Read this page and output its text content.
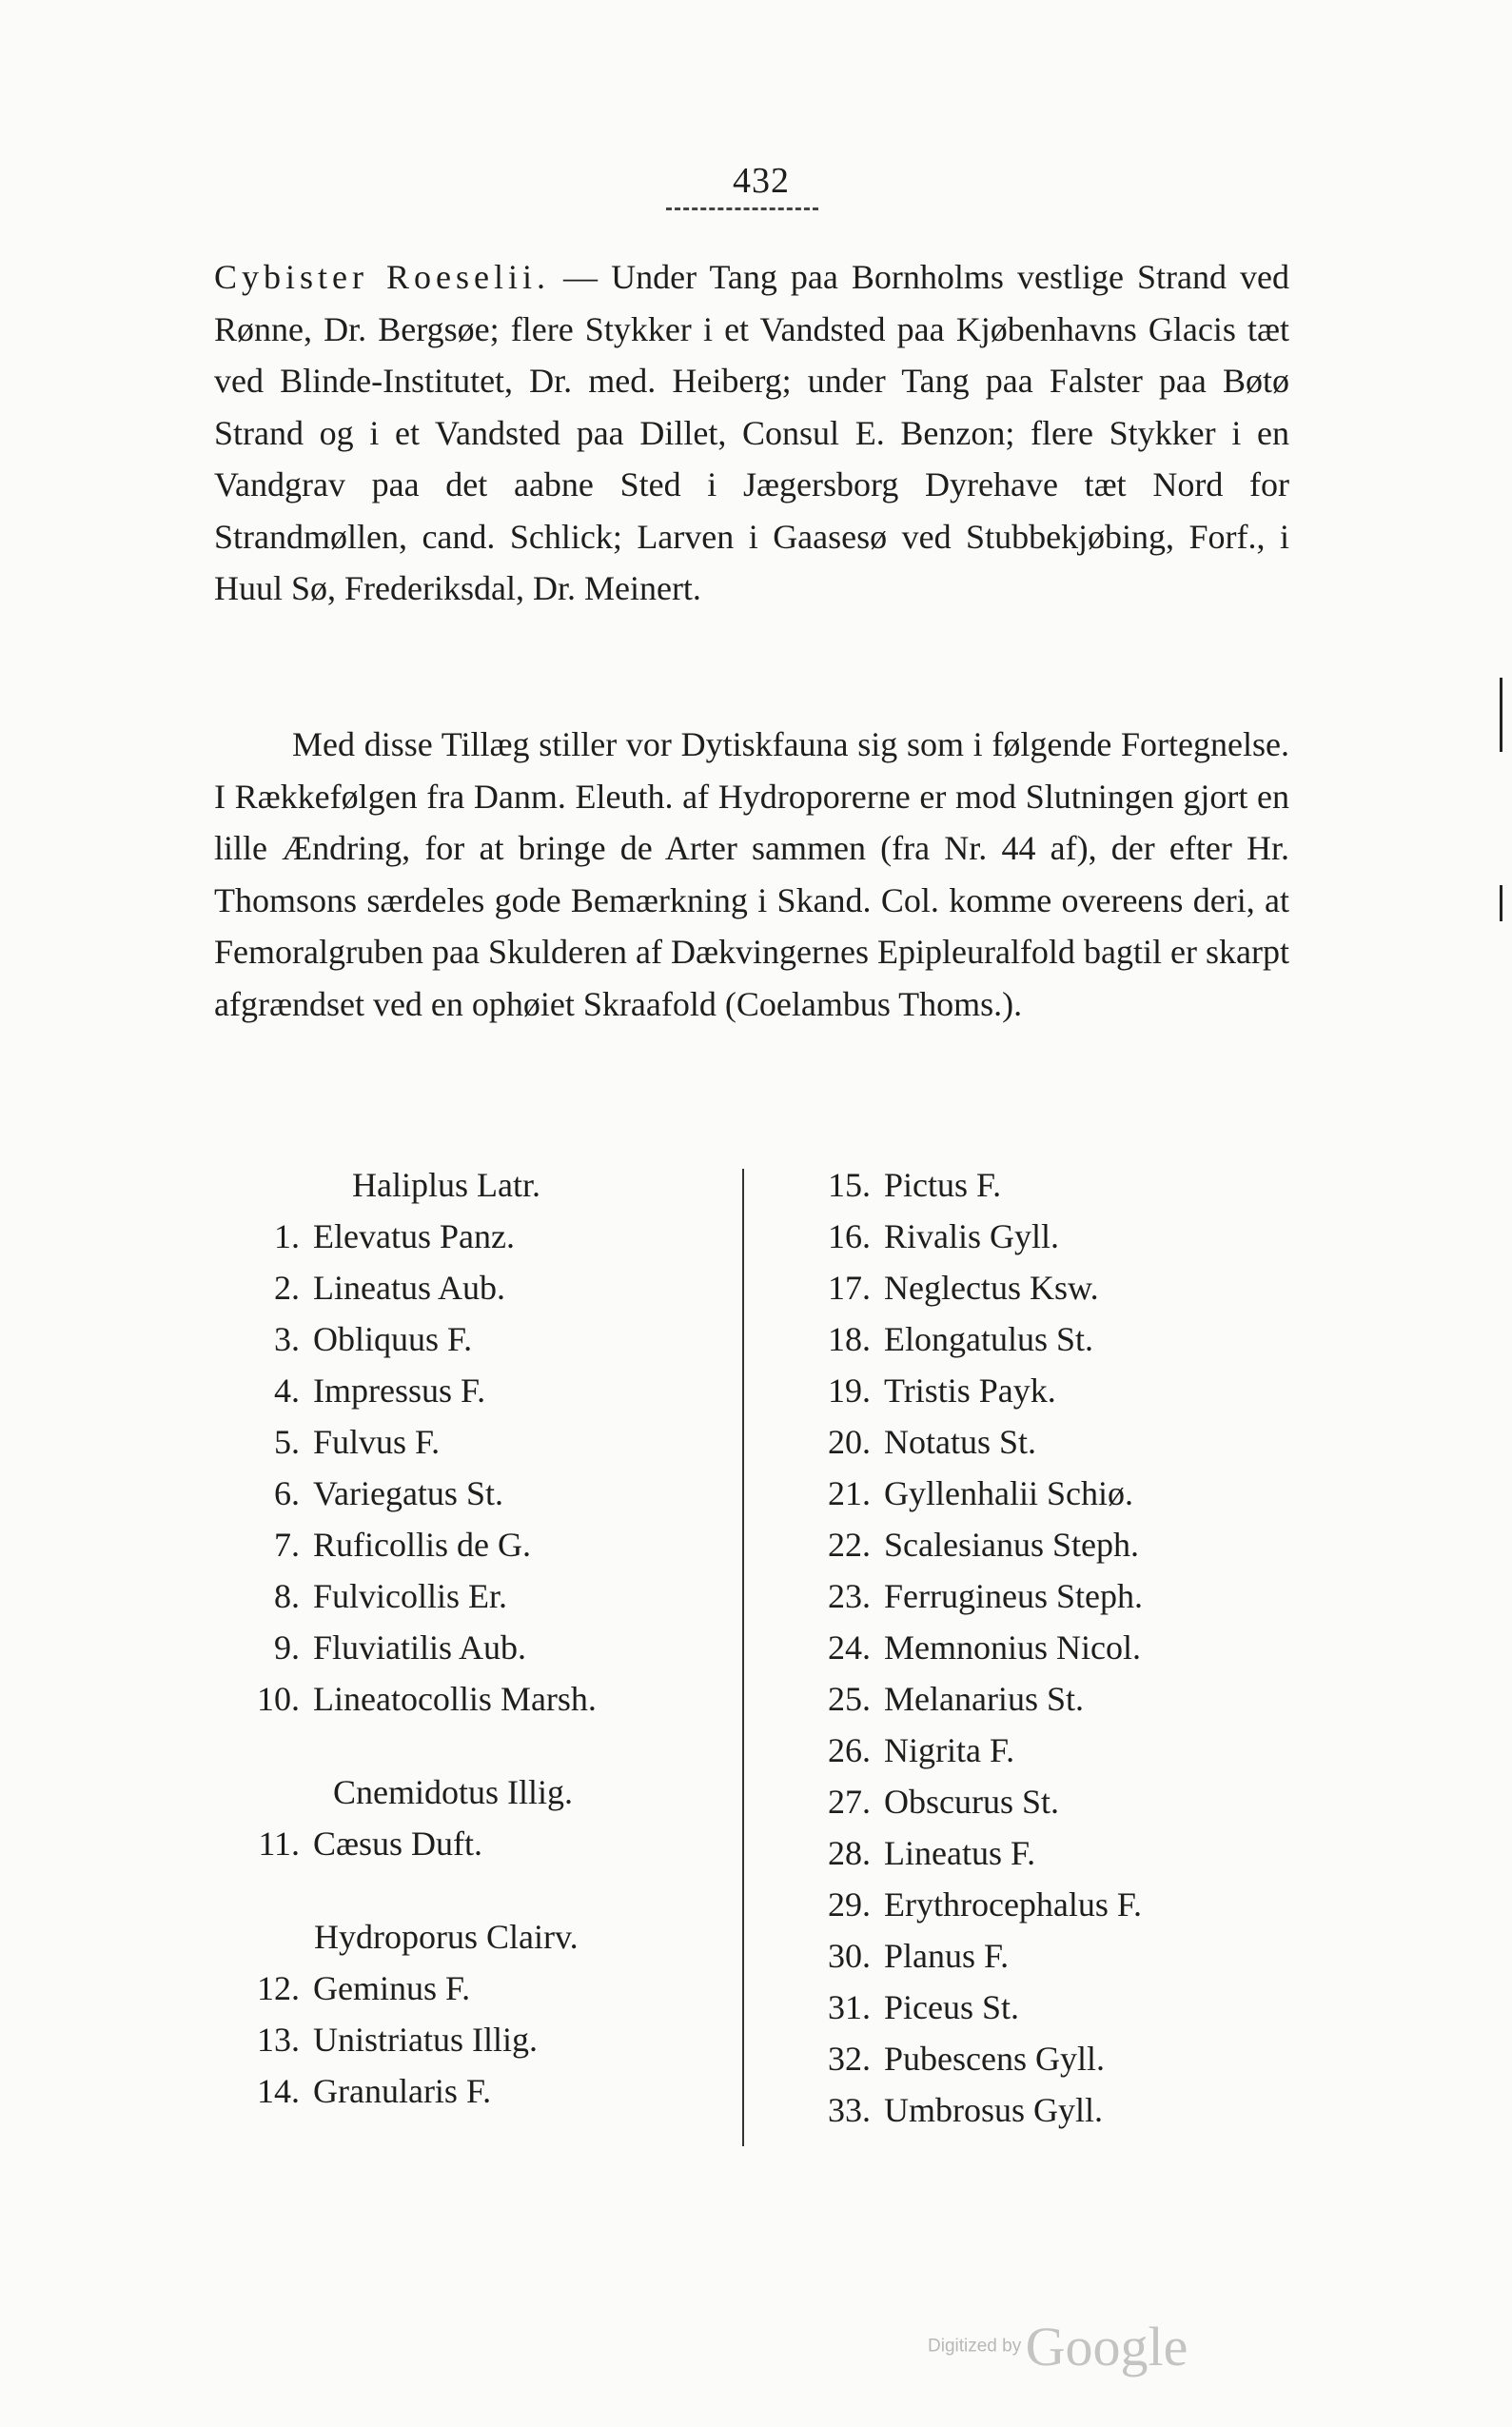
432
Cybister Roeselii. — Under Tang paa Bornholms vestlige Strand ved Rønne, Dr. Bergsøe; flere Stykker i et Vandsted paa Kjøbenhavns Glacis tæt ved Blinde-Institutet, Dr. med. Heiberg; under Tang paa Falster paa Bøtø Strand og i et Vandsted paa Dillet, Consul E. Benzon; flere Stykker i en Vandgrav paa det aabne Sted i Jægersborg Dyrehave tæt Nord for Strandmøllen, cand. Schlick; Larven i Gaasesø ved Stubbekjøbing, Forf., i Huul Sø, Frederiksdal, Dr. Meinert.
Med disse Tillæg stiller vor Dytiskfauna sig som i følgende Fortegnelse. I Rækkefølgen fra Danm. Eleuth. af Hydroporerne er mod Slutningen gjort en lille Ændring, for at bringe de Arter sammen (fra Nr. 44 af), der efter Hr. Thomsons særdeles gode Bemærkning i Skand. Col. komme overeens deri, at Femoralgruben paa Skulderen af Dækvingernes Epipleuralfold bagtil er skarpt afgrændset ved en ophøiet Skraafold (Coelambus Thoms.).
Haliplus Latr.
1. Elevatus Panz.
2. Lineatus Aub.
3. Obliquus F.
4. Impressus F.
5. Fulvus F.
6. Variegatus St.
7. Ruficollis de G.
8. Fulvicollis Er.
9. Fluviatilis Aub.
10. Lineatocollis Marsh.
Cnemidotus Illig.
11. Cæsus Duft.
Hydroporus Clairv.
12. Geminus F.
13. Unistriatus Illig.
14. Granularis F.
15. Pictus F.
16. Rivalis Gyll.
17. Neglectus Ksw.
18. Elongatulus St.
19. Tristis Payk.
20. Notatus St.
21. Gyllenhalii Schiø.
22. Scalesianus Steph.
23. Ferrugineus Steph.
24. Memnonius Nicol.
25. Melanarius St.
26. Nigrita F.
27. Obscurus St.
28. Lineatus F.
29. Erythrocephalus F.
30. Planus F.
31. Piceus St.
32. Pubescens Gyll.
33. Umbrosus Gyll.
Digitized by Google
